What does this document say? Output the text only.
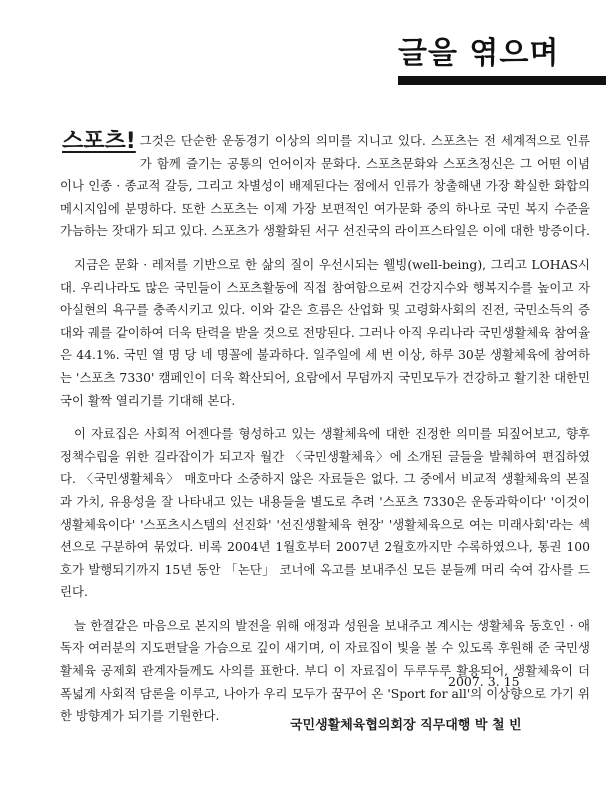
글을 엮으며

스포츠! 그것은 단순한 운동경기 이상의 의미를 지니고 있다. 스포츠는 전 세계적으로 인류가 함께 즐기는 공통의 언어이자 문화다. 스포츠문화와 스포츠정신은 그 어떤 이념이나 인종 · 종교적 갈등, 그리고 차별성이 배제된다는 점에서 인류가 창출해낸 가장 확실한 화합의 메시지임에 분명하다. 또한 스포츠는 이제 가장 보편적인 여가문화 중의 하나로 국민 복지 수준을 가늠하는 잣대가 되고 있다. 스포츠가 생활화된 서구 선진국의 라이프스타일은 이에 대한 방증이다.

지금은 문화 · 레저를 기반으로 한 삶의 질이 우선시되는 웰빙(well-being), 그리고 LOHAS시대. 우리나라도 많은 국민들이 스포츠활동에 직접 참여함으로써 건강지수와 행복지수를 높이고 자아실현의 욕구를 충족시키고 있다. 이와 같은 흐름은 산업화 및 고령화사회의 진전, 국민소득의 증대와 궤를 같이하여 더욱 탄력을 받을 것으로 전망된다. 그러나 아직 우리나라 국민생활체육 참여율은 44.1%. 국민 열 명 당 네 명꼴에 불과하다. 일주일에 세 번 이상, 하루 30분 생활체육에 참여하는 '스포츠 7330' 캠페인이 더욱 확산되어, 요람에서 무덤까지 국민모두가 건강하고 활기찬 대한민국이 활짝 열리기를 기대해 본다.

이 자료집은 사회적 어젠다를 형성하고 있는 생활체육에 대한 진정한 의미를 되짚어보고, 향후 정책수립을 위한 길라잡이가 되고자 월간 〈국민생활체육〉에 소개된 글들을 발췌하여 편집하였다. 〈국민생활체육〉 매호마다 소중하지 않은 자료들은 없다. 그 중에서 비교적 생활체육의 본질과 가치, 유용성을 잘 나타내고 있는 내용들을 별도로 추려 '스포츠 7330은 운동과학이다' '이것이 생활체육이다' '스포츠시스템의 선진화' '선진생활체육 현장' '생활체육으로 여는 미래사회'라는 섹션으로 구분하여 묶었다. 비록 2004년 1월호부터 2007년 2월호까지만 수록하였으나, 통권 100호가 발행되기까지 15년 동안 「논단」 코너에 옥고를 보내주신 모든 분들께 머리 숙여 감사를 드린다.

늘 한결같은 마음으로 본지의 발전을 위해 애정과 성원을 보내주고 계시는 생활체육 동호인 · 애독자 여러분의 지도편달을 가슴으로 깊이 새기며, 이 자료집이 빛을 볼 수 있도록 후원해 준 국민생활체육 공제회 관계자들께도 사의를 표한다. 부디 이 자료집이 두루두루 활용되어, 생활체육이 더 폭넓게 사회적 담론을 이루고, 나아가 우리 모두가 꿈꾸어 온 'Sport for all'의 이상향으로 가기 위한 방향계가 되기를 기원한다.

2007. 3. 15
국민생활체육협의회장 직무대행 박 철 빈
